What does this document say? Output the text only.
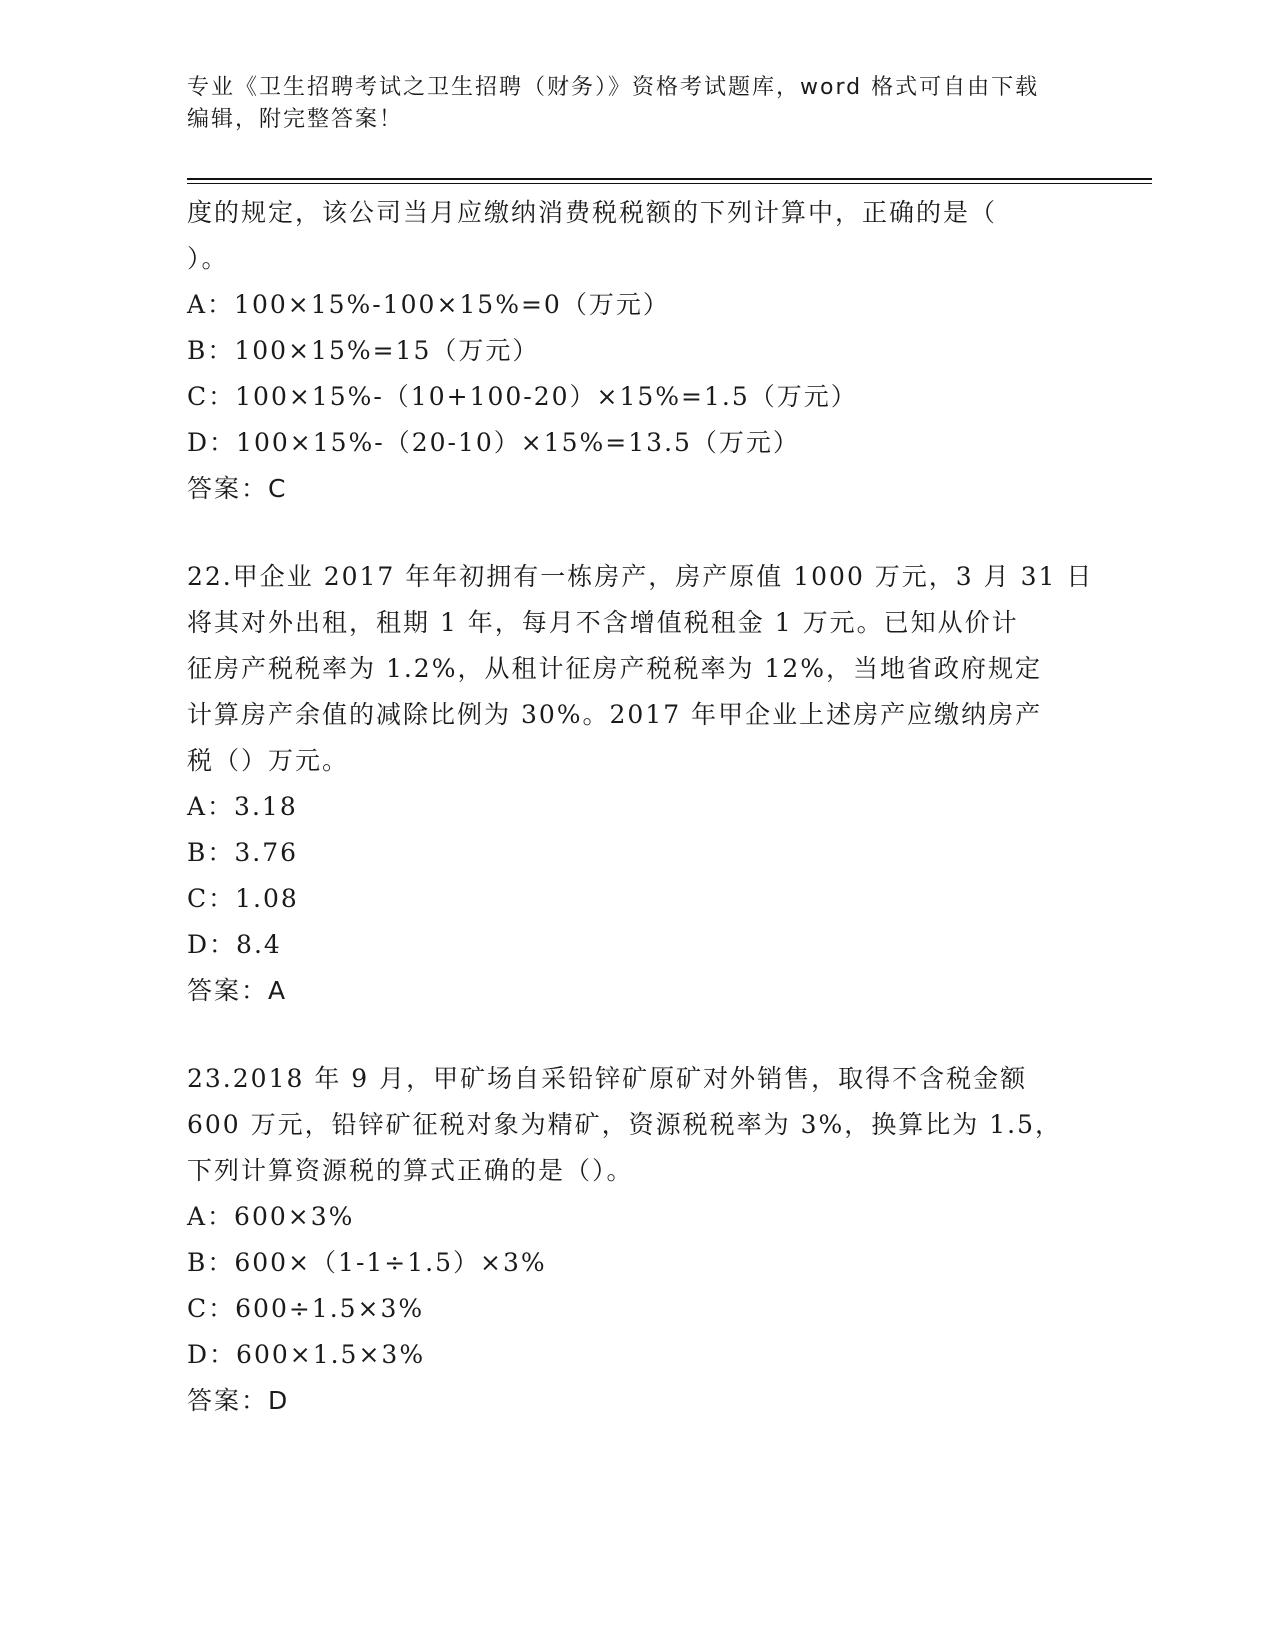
专业《卫生招聘考试之卫生招聘（财务）》资格考试题库，word 格式可自由下载
编辑，附完整答案！
度的规定，该公司当月应缴纳消费税税额的下列计算中，正确的是（
）。
A：100×15%-100×15%=0（万元）
B：100×15%=15（万元）
C：100×15%-（10+100-20）×15%=1.5（万元）
D：100×15%-（20-10）×15%=13.5（万元）
答案：C
22.甲企业 2017 年年初拥有一栋房产，房产原值 1000 万元，3 月 31 日
将其对外出租，租期 1 年，每月不含增值税租金 1 万元。已知从价计
征房产税税率为 1.2%，从租计征房产税税率为 12%，当地省政府规定
计算房产余值的减除比例为 30%。2017 年甲企业上述房产应缴纳房产
税（）万元。
A：3.18
B：3.76
C：1.08
D：8.4
答案：A
23.2018 年 9 月，甲矿场自采铅锌矿原矿对外销售，取得不含税金额
600 万元，铅锌矿征税对象为精矿，资源税税率为 3%，换算比为 1.5，
下列计算资源税的算式正确的是（）。
A：600×3%
B：600×（1-1÷1.5）×3%
C：600÷1.5×3%
D：600×1.5×3%
答案：D
